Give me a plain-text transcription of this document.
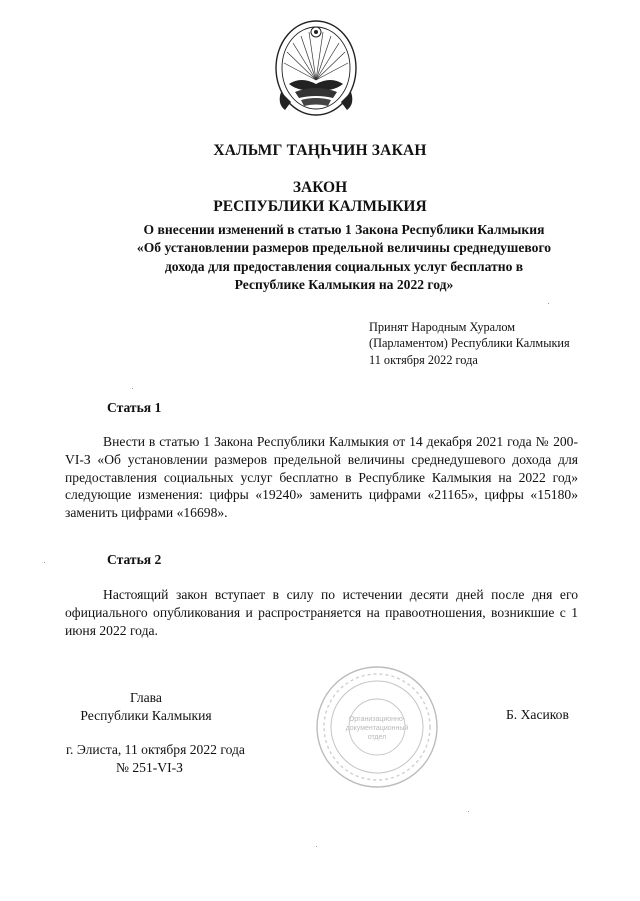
ХАЛЬМГ ТАҢҺЧИН ЗАКАН
ЗАКОН
РЕСПУБЛИКИ КАЛМЫКИЯ
О внесении изменений в статью 1 Закона Республики Калмыкия
«Об установлении размеров предельной величины среднедушевого
дохода для предоставления социальных услуг бесплатно в
Республике Калмыкия на 2022 год»
Принят Народным Хуралом
(Парламентом) Республики Калмыкия
11 октября 2022 года
Статья 1

Внести в статью 1 Закона Республики Калмыкия от 14 декабря 2021 года № 200-VI-З «Об установлении размеров предельной величины среднедушевого дохода для предоставления социальных услуг бесплатно в Республике Калмыкия на 2022 год» следующие изменения: цифры «19240» заменить цифрами «21165», цифры «15180» заменить цифрами «16698».

Статья 2

Настоящий закон вступает в силу по истечении десяти дней после дня его официального опубликования и распространяется на правоотношения, возникшие с 1 июня 2022 года.

Глава
Республики Калмыкия	Организационно-
документационный
отдел
Б. Хасиков
г. Элиста, 11 октября 2022 года
№ 251-VI-З
